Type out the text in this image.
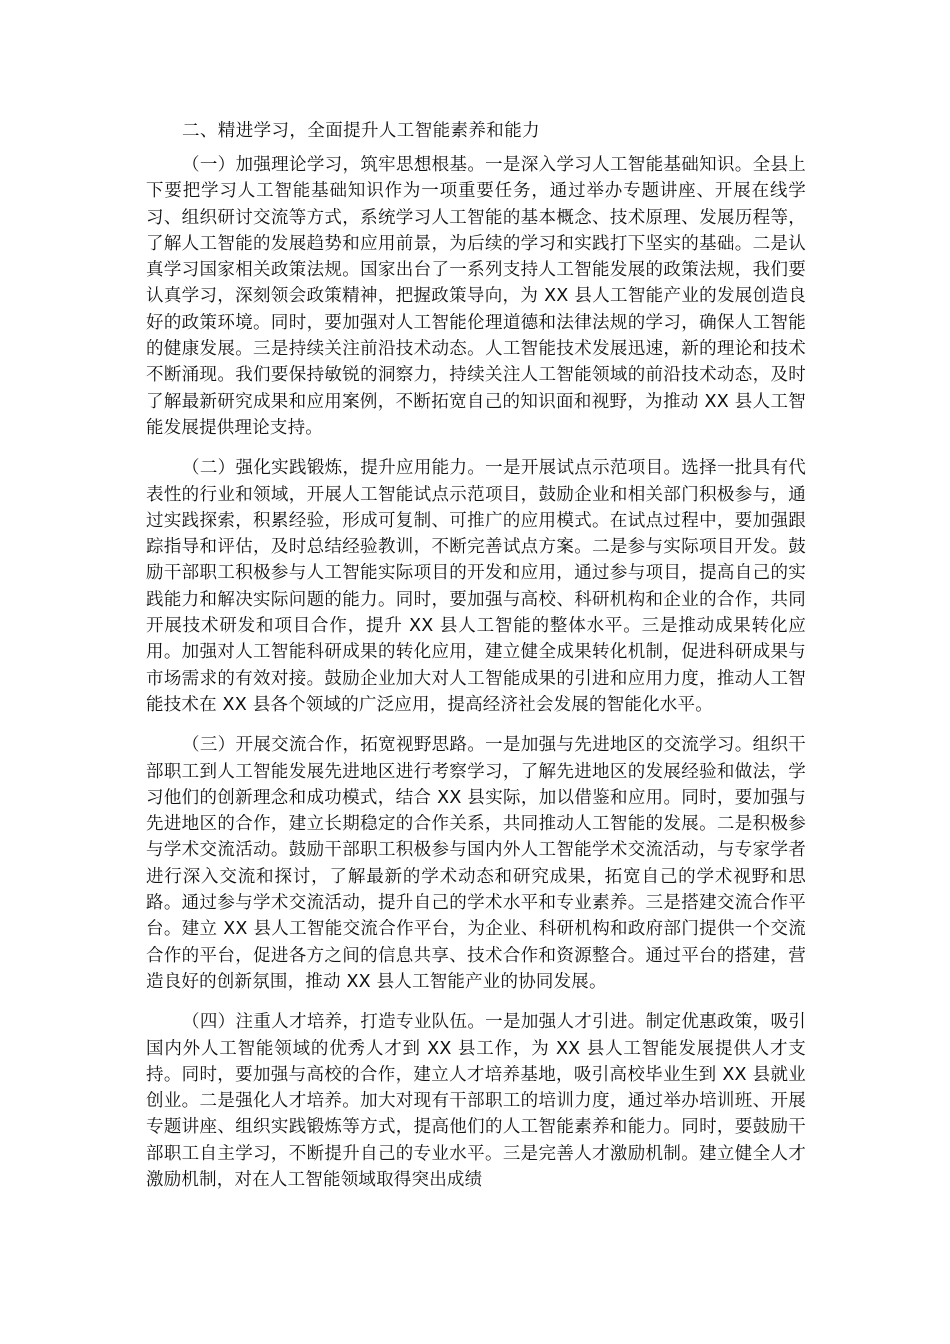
二、精进学习，全面提升人工智能素养和能力

（一）加强理论学习，筑牢思想根基。一是深入学习人工智能基础知识。全县上下要把学习人工智能基础知识作为一项重要任务，通过举办专题讲座、开展在线学习、组织研讨交流等方式，系统学习人工智能的基本概念、技术原理、发展历程等，了解人工智能的发展趋势和应用前景，为后续的学习和实践打下坚实的基础。二是认真学习国家相关政策法规。国家出台了一系列支持人工智能发展的政策法规，我们要认真学习，深刻领会政策精神，把握政策导向，为 XX 县人工智能产业的发展创造良好的政策环境。同时，要加强对人工智能伦理道德和法律法规的学习，确保人工智能的健康发展。三是持续关注前沿技术动态。人工智能技术发展迅速，新的理论和技术不断涌现。我们要保持敏锐的洞察力，持续关注人工智能领域的前沿技术动态，及时了解最新研究成果和应用案例，不断拓宽自己的知识面和视野，为推动 XX 县人工智能发展提供理论支持。

（二）强化实践锻炼，提升应用能力。一是开展试点示范项目。选择一批具有代表性的行业和领域，开展人工智能试点示范项目，鼓励企业和相关部门积极参与，通过实践探索，积累经验，形成可复制、可推广的应用模式。在试点过程中，要加强跟踪指导和评估，及时总结经验教训，不断完善试点方案。二是参与实际项目开发。鼓励干部职工积极参与人工智能实际项目的开发和应用，通过参与项目，提高自己的实践能力和解决实际问题的能力。同时，要加强与高校、科研机构和企业的合作，共同开展技术研发和项目合作，提升 XX 县人工智能的整体水平。三是推动成果转化应用。加强对人工智能科研成果的转化应用，建立健全成果转化机制，促进科研成果与市场需求的有效对接。鼓励企业加大对人工智能成果的引进和应用力度，推动人工智能技术在 XX 县各个领域的广泛应用，提高经济社会发展的智能化水平。

（三）开展交流合作，拓宽视野思路。一是加强与先进地区的交流学习。组织干部职工到人工智能发展先进地区进行考察学习，了解先进地区的发展经验和做法，学习他们的创新理念和成功模式，结合 XX 县实际，加以借鉴和应用。同时，要加强与先进地区的合作，建立长期稳定的合作关系，共同推动人工智能的发展。二是积极参与学术交流活动。鼓励干部职工积极参与国内外人工智能学术交流活动，与专家学者进行深入交流和探讨，了解最新的学术动态和研究成果，拓宽自己的学术视野和思路。通过参与学术交流活动，提升自己的学术水平和专业素养。三是搭建交流合作平台。建立 XX 县人工智能交流合作平台，为企业、科研机构和政府部门提供一个交流合作的平台，促进各方之间的信息共享、技术合作和资源整合。通过平台的搭建，营造良好的创新氛围，推动 XX 县人工智能产业的协同发展。

（四）注重人才培养，打造专业队伍。一是加强人才引进。制定优惠政策，吸引国内外人工智能领域的优秀人才到 XX 县工作，为 XX 县人工智能发展提供人才支持。同时，要加强与高校的合作，建立人才培养基地，吸引高校毕业生到 XX 县就业创业。二是强化人才培养。加大对现有干部职工的培训力度，通过举办培训班、开展专题讲座、组织实践锻炼等方式，提高他们的人工智能素养和能力。同时，要鼓励干部职工自主学习，不断提升自己的专业水平。三是完善人才激励机制。建立健全人才激励机制，对在人工智能领域取得突出成绩
